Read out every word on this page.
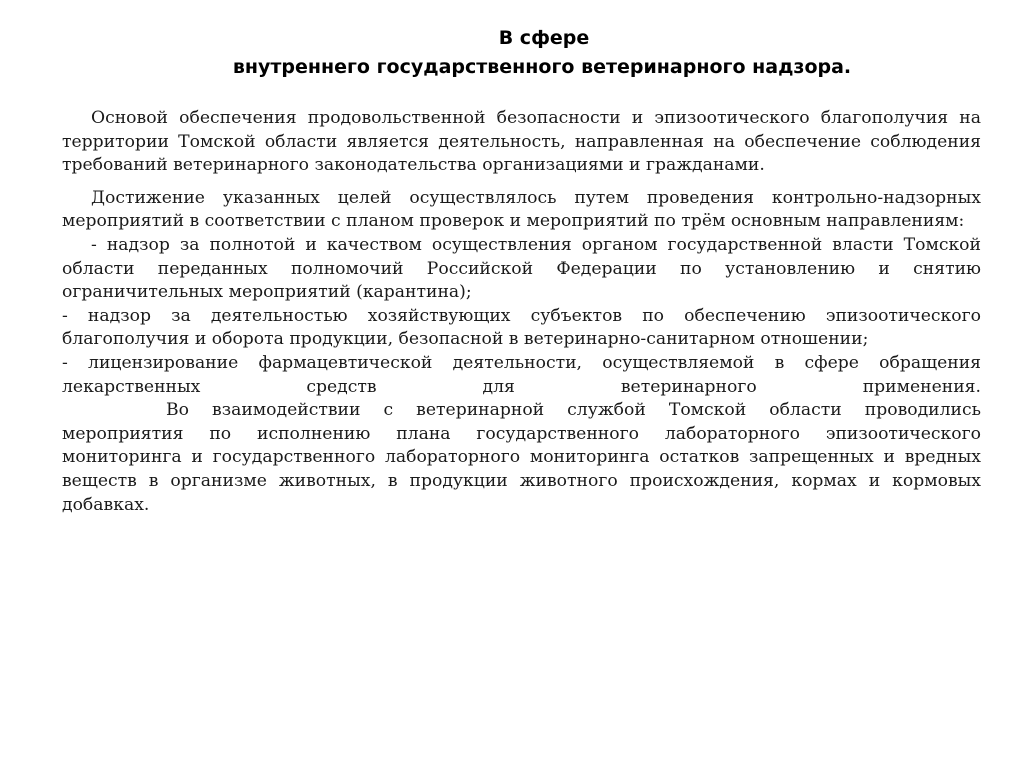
В сфере
внутреннего государственного ветеринарного надзора.

Основой обеспечения продовольственной безопасности и эпизоотического благополучия на территории Томской области является деятельность, направленная на обеспечение соблюдения требований ветеринарного законодательства организациями и гражданами.

Достижение указанных целей осуществлялось путем проведения контрольно-надзорных мероприятий в соответствии с планом проверок и мероприятий по трём основным направлениям:

- надзор за полнотой и качеством осуществления органом государственной власти Томской области переданных полномочий Российской Федерации по установлению и снятию ограничительных мероприятий (карантина);

- надзор за деятельностью хозяйствующих субъектов по обеспечению эпизоотического благополучия и оборота продукции, безопасной в ветеринарно-санитарном отношении;

- лицензирование фармацевтической деятельности, осуществляемой в сфере обращения лекарственных средств для ветеринарного применения.

Во взаимодействии с ветеринарной службой Томской области проводились мероприятия по исполнению плана государственного лабораторного эпизоотического мониторинга и государственного лабораторного мониторинга остатков запрещенных и вредных веществ в организме животных, в продукции животного происхождения, кормах и кормовых добавках.
